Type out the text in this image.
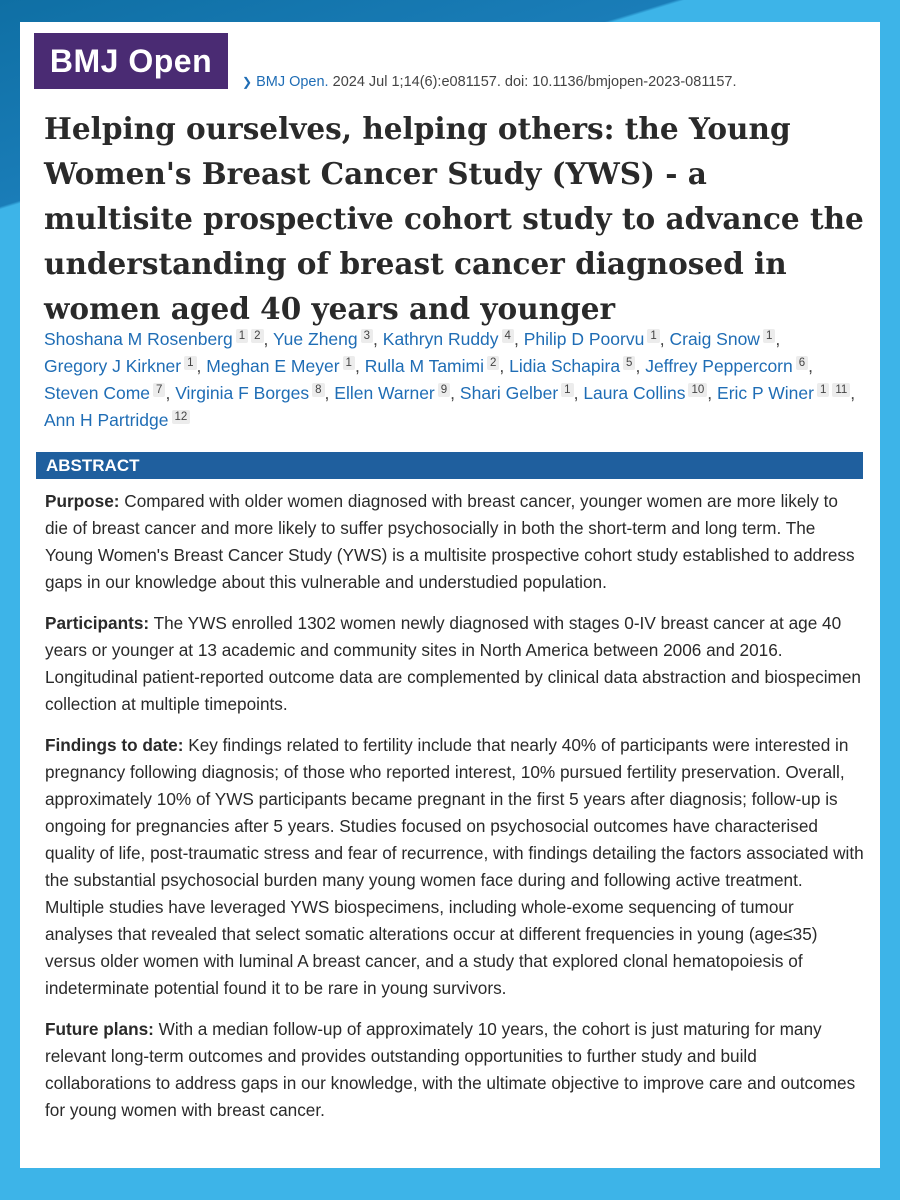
BMJ Open
❯ BMJ Open. 2024 Jul 1;14(6):e081157. doi: 10.1136/bmjopen-2023-081157.
Helping ourselves, helping others: the Young Women's Breast Cancer Study (YWS) - a multisite prospective cohort study to advance the understanding of breast cancer diagnosed in women aged 40 years and younger
Shoshana M Rosenberg 1 2 , Yue Zheng 3 , Kathryn Ruddy 4 , Philip D Poorvu 1 , Craig Snow 1 , Gregory J Kirkner 1 , Meghan E Meyer 1 , Rulla M Tamimi 2 , Lidia Schapira 5 , Jeffrey Peppercorn 6 , Steven Come 7 , Virginia F Borges 8 , Ellen Warner 9 , Shari Gelber 1 , Laura Collins 10 , Eric P Winer 1 11 , Ann H Partridge 12
ABSTRACT

Purpose: Compared with older women diagnosed with breast cancer, younger women are more likely to die of breast cancer and more likely to suffer psychosocially in both the short-term and long term. The Young Women's Breast Cancer Study (YWS) is a multisite prospective cohort study established to address gaps in our knowledge about this vulnerable and understudied population.

Participants: The YWS enrolled 1302 women newly diagnosed with stages 0-IV breast cancer at age 40 years or younger at 13 academic and community sites in North America between 2006 and 2016. Longitudinal patient-reported outcome data are complemented by clinical data abstraction and biospecimen collection at multiple timepoints.

Findings to date: Key findings related to fertility include that nearly 40% of participants were interested in pregnancy following diagnosis; of those who reported interest, 10% pursued fertility preservation. Overall, approximately 10% of YWS participants became pregnant in the first 5 years after diagnosis; follow-up is ongoing for pregnancies after 5 years. Studies focused on psychosocial outcomes have characterised quality of life, post-traumatic stress and fear of recurrence, with findings detailing the factors associated with the substantial psychosocial burden many young women face during and following active treatment. Multiple studies have leveraged YWS biospecimens, including whole-exome sequencing of tumour analyses that revealed that select somatic alterations occur at different frequencies in young (age≤35) versus older women with luminal A breast cancer, and a study that explored clonal hematopoiesis of indeterminate potential found it to be rare in young survivors.

Future plans: With a median follow-up of approximately 10 years, the cohort is just maturing for many relevant long-term outcomes and provides outstanding opportunities to further study and build collaborations to address gaps in our knowledge, with the ultimate objective to improve care and outcomes for young women with breast cancer.
